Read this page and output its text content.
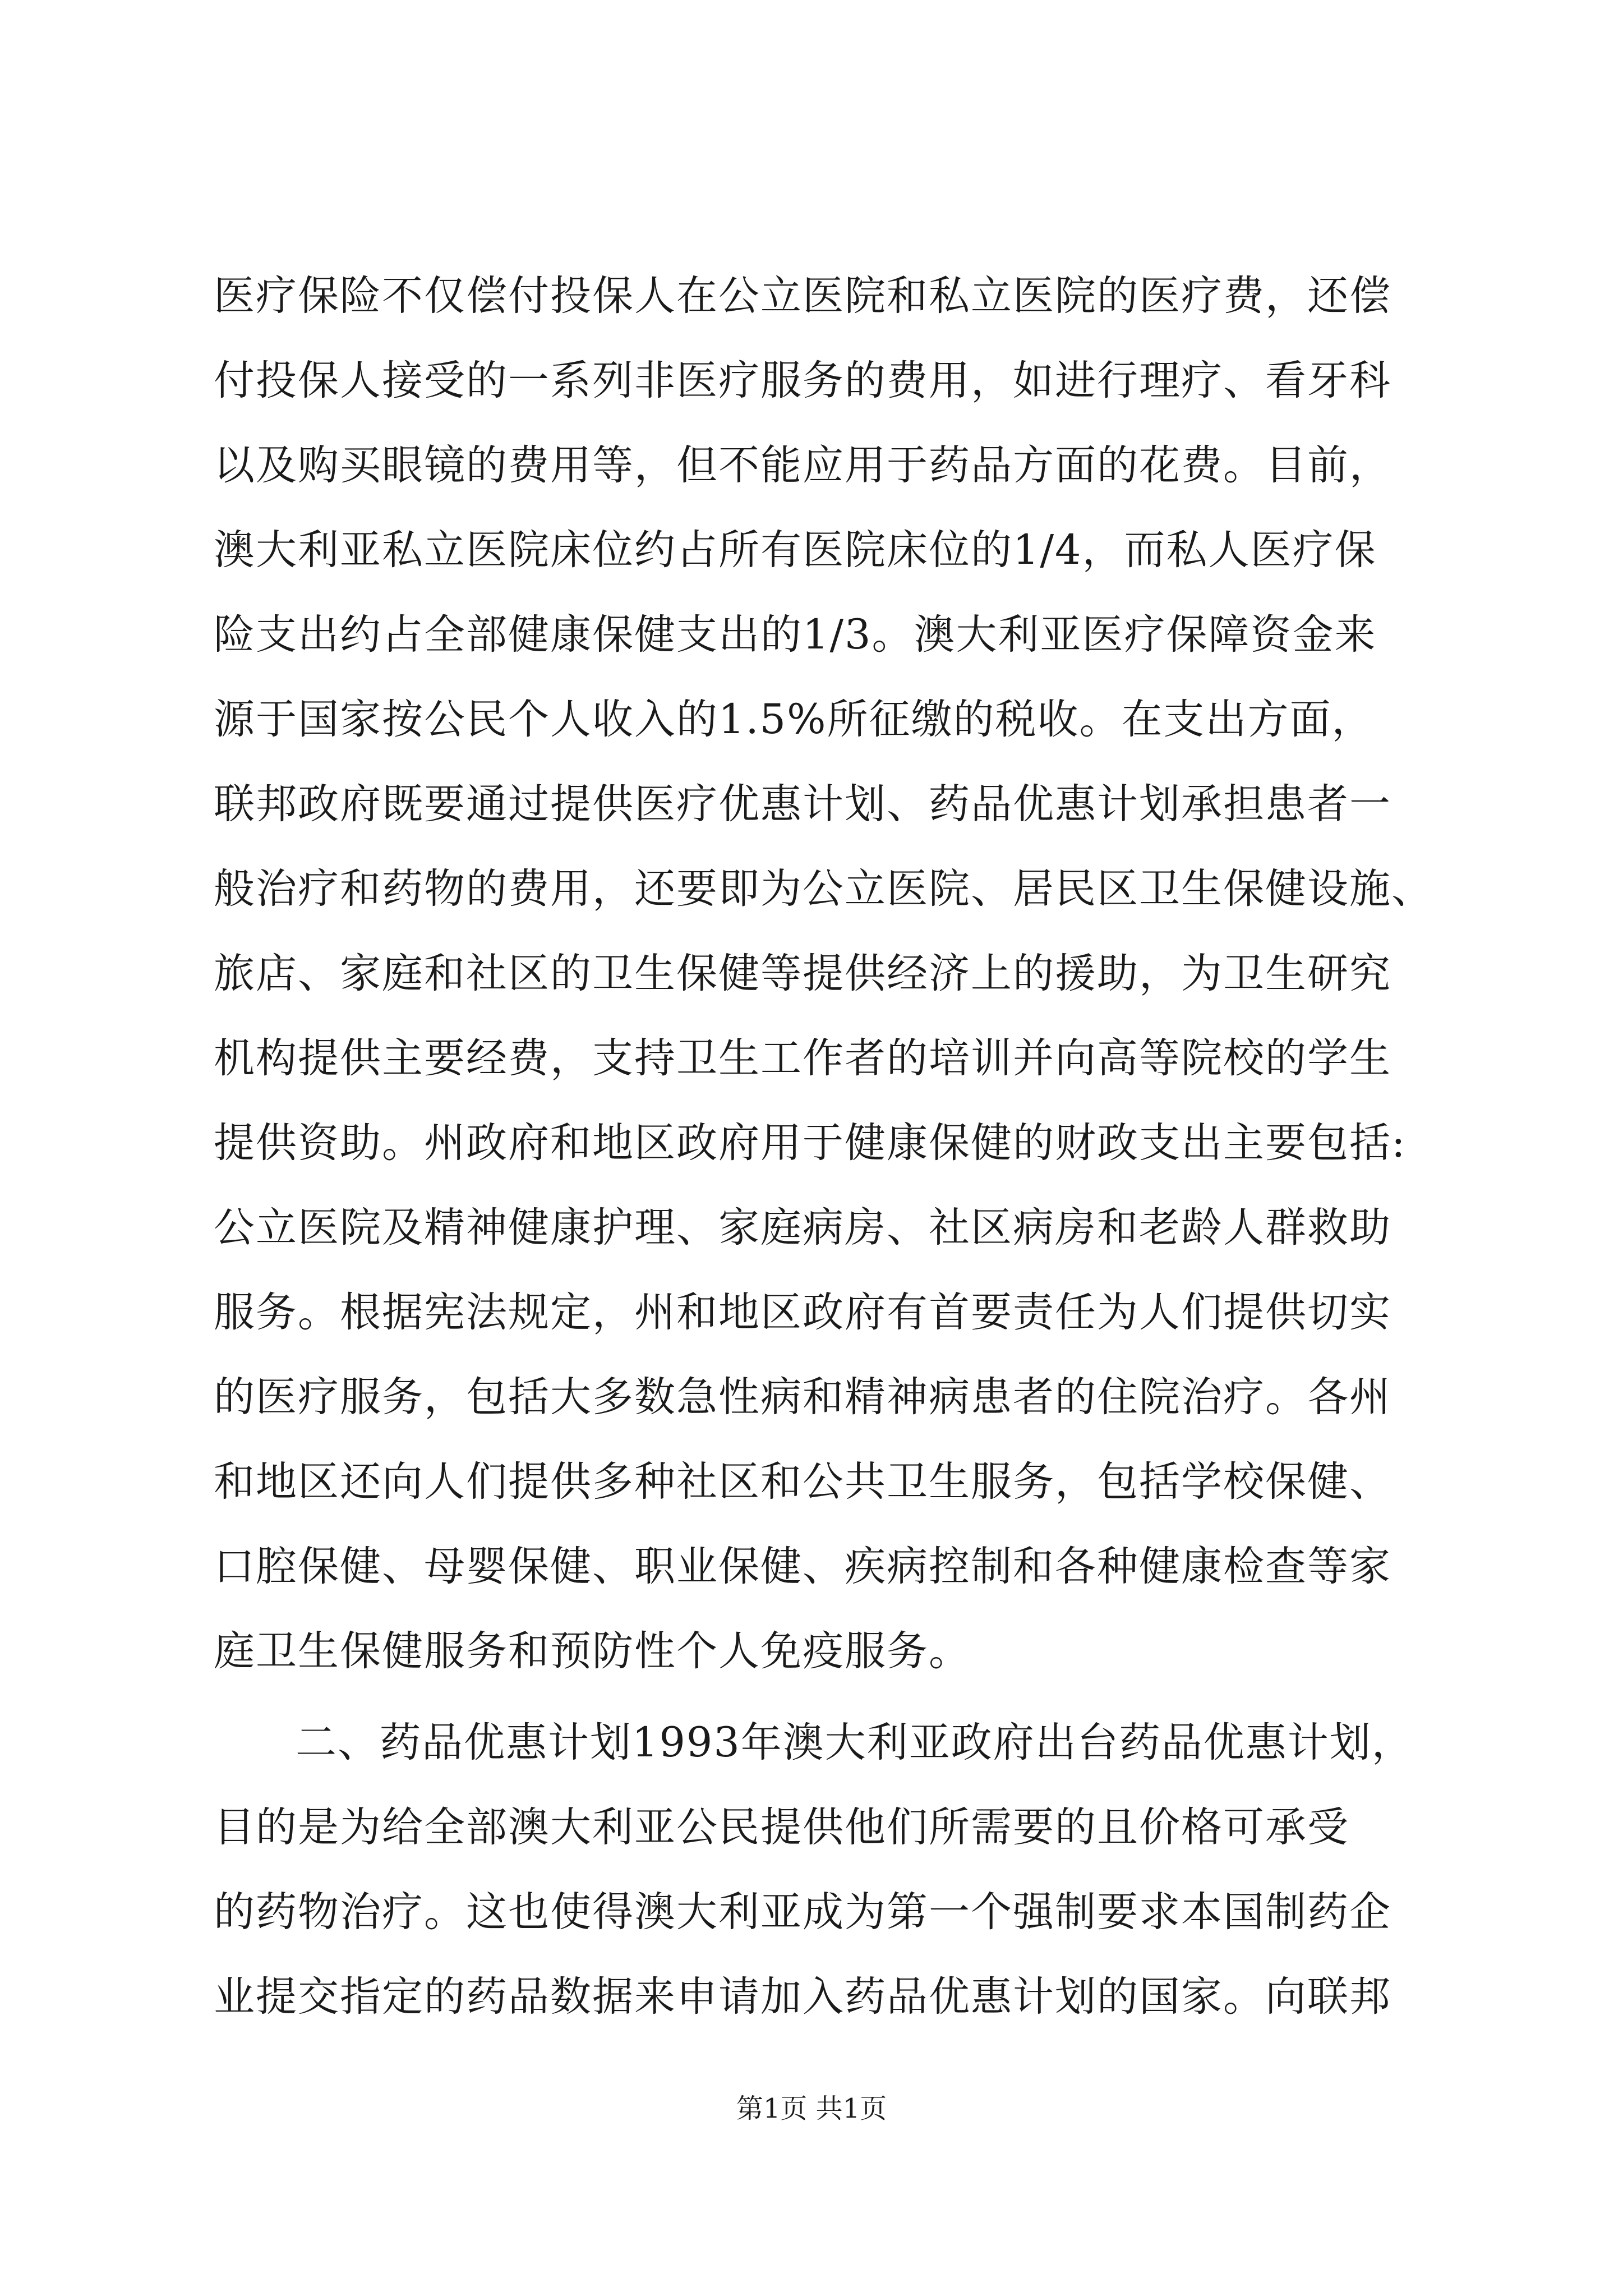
医疗保险不仅偿付投保人在公立医院和私立医院的医疗费，还偿
付投保人接受的一系列非医疗服务的费用，如进行理疗、看牙科
以及购买眼镜的费用等，但不能应用于药品方面的花费。目前，
澳大利亚私立医院床位约占所有医院床位的1/4，而私人医疗保
险支出约占全部健康保健支出的1/3。澳大利亚医疗保障资金来
源于国家按公民个人收入的1.5%所征缴的税收。在支出方面，
联邦政府既要通过提供医疗优惠计划、药品优惠计划承担患者一
般治疗和药物的费用，还要即为公立医院、居民区卫生保健设施、
旅店、家庭和社区的卫生保健等提供经济上的援助，为卫生研究
机构提供主要经费，支持卫生工作者的培训并向高等院校的学生
提供资助。州政府和地区政府用于健康保健的财政支出主要包括:
公立医院及精神健康护理、家庭病房、社区病房和老龄人群救助
服务。根据宪法规定，州和地区政府有首要责任为人们提供切实
的医疗服务，包括大多数急性病和精神病患者的住院治疗。各州
和地区还向人们提供多种社区和公共卫生服务，包括学校保健、
口腔保健、母婴保健、职业保健、疾病控制和各种健康检查等家
庭卫生保健服务和预防性个人免疫服务。
二、药品优惠计划1993年澳大利亚政府出台药品优惠计划，
目的是为给全部澳大利亚公民提供他们所需要的且价格可承受
的药物治疗。这也使得澳大利亚成为第一个强制要求本国制药企
业提交指定的药品数据来申请加入药品优惠计划的国家。向联邦
第1页 共1页
